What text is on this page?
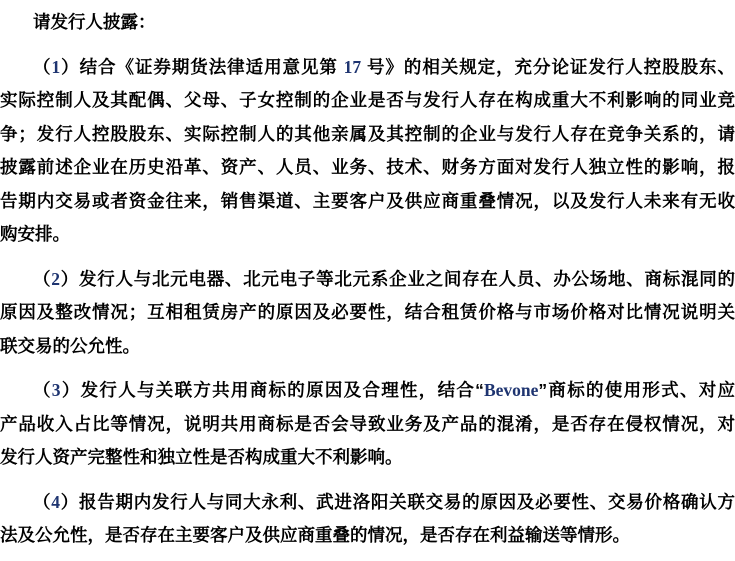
请发行人披露：
（1）结合《证券期货法律适用意见第 17 号》的相关规定，充分论证发行人控股股东、
实际控制人及其配偶、父母、子女控制的企业是否与发行人存在构成重大不利影响的同业竞
争；发行人控股股东、实际控制人的其他亲属及其控制的企业与发行人存在竞争关系的，请
披露前述企业在历史沿革、资产、人员、业务、技术、财务方面对发行人独立性的影响，报
告期内交易或者资金往来，销售渠道、主要客户及供应商重叠情况，以及发行人未来有无收
购安排。
（2）发行人与北元电器、北元电子等北元系企业之间存在人员、办公场地、商标混同的
原因及整改情况；互相租赁房产的原因及必要性，结合租赁价格与市场价格对比情况说明关
联交易的公允性。
（3）发行人与关联方共用商标的原因及合理性，结合“Bevone”商标的使用形式、对应
产品收入占比等情况，说明共用商标是否会导致业务及产品的混淆，是否存在侵权情况，对
发行人资产完整性和独立性是否构成重大不利影响。
（4）报告期内发行人与同大永利、武进洛阳关联交易的原因及必要性、交易价格确认方
法及公允性，是否存在主要客户及供应商重叠的情况，是否存在利益输送等情形。
